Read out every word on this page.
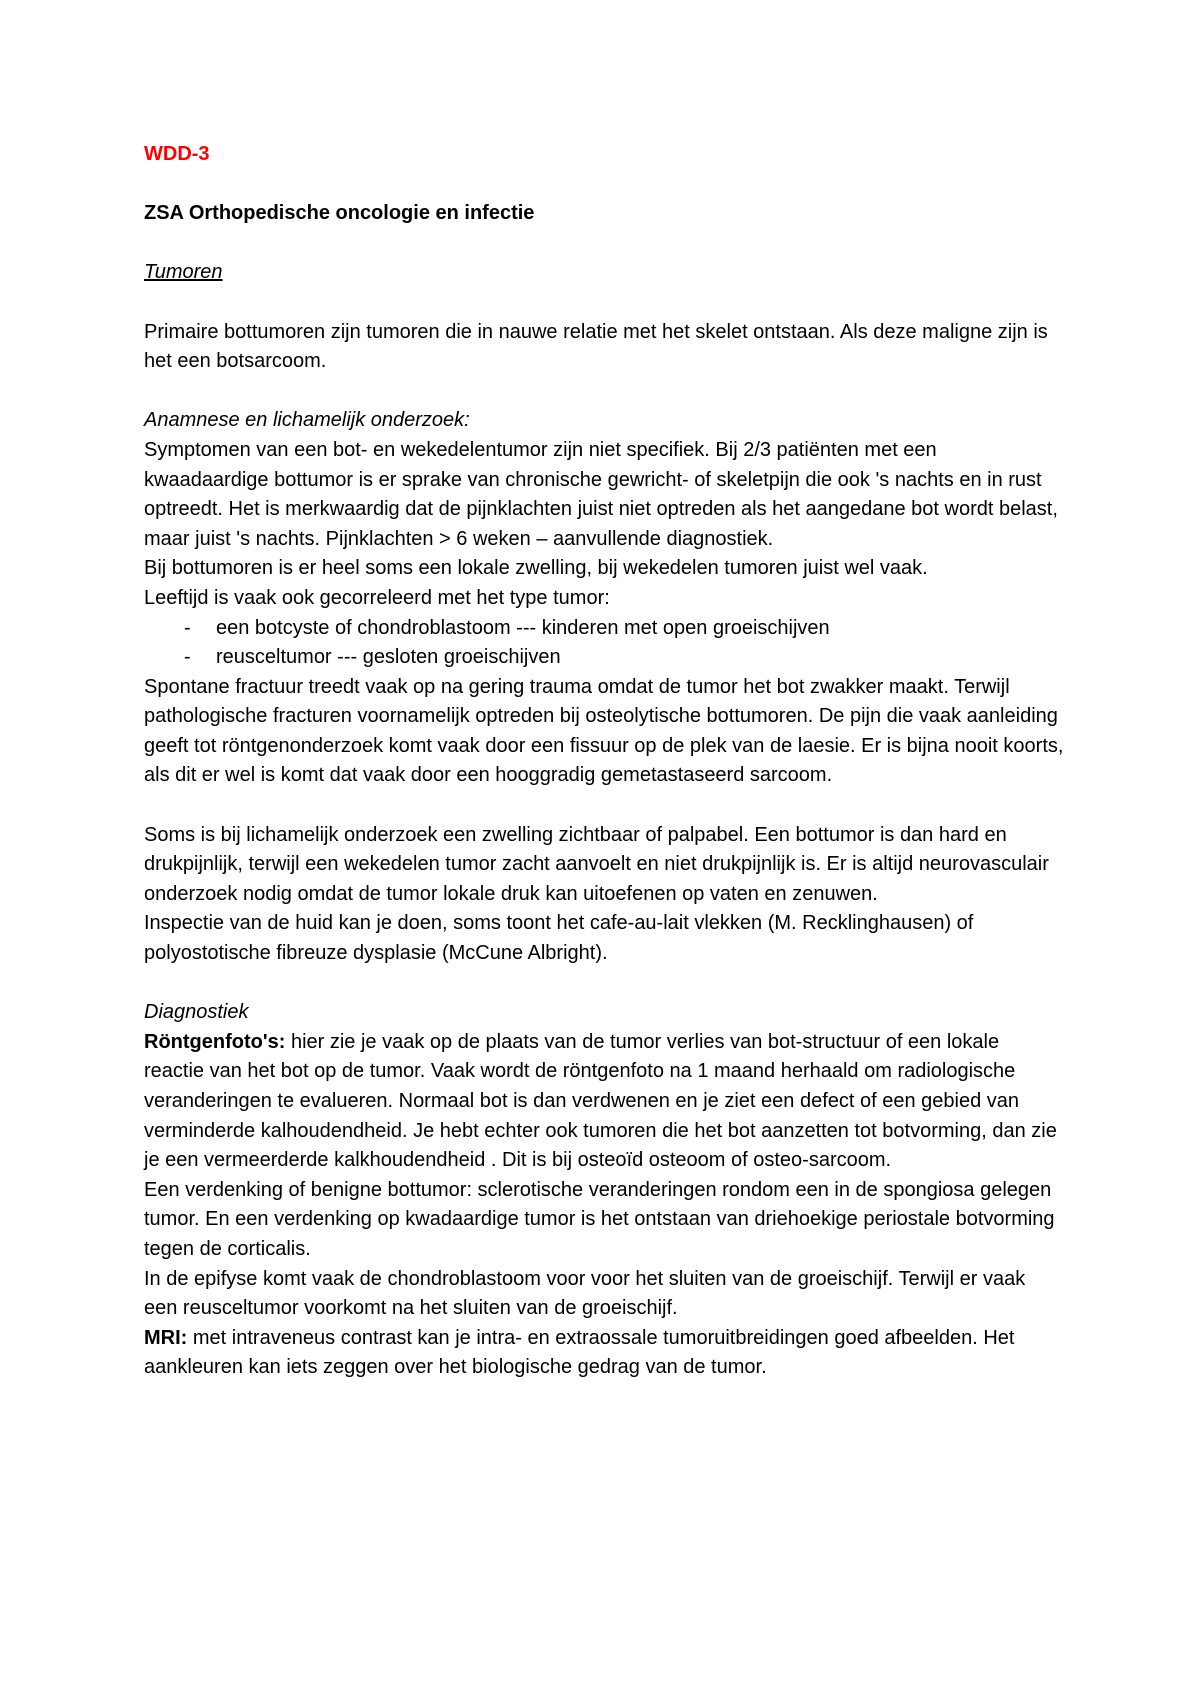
WDD-3

ZSA Orthopedische oncologie en infectie

Tumoren

Primaire bottumoren zijn tumoren die in nauwe relatie met het skelet ontstaan. Als deze maligne zijn is het een botsarcoom.

Anamnese en lichamelijk onderzoek:

Symptomen van een bot- en wekedelentumor zijn niet specifiek. Bij 2/3 patiënten met een kwaadaardige bottumor is er sprake van chronische gewricht- of skeletpijn die ook 's nachts en in rust optreedt. Het is merkwaardig dat de pijnklachten juist niet optreden als het aangedane bot wordt belast, maar juist 's nachts. Pijnklachten > 6 weken – aanvullende diagnostiek.

Bij bottumoren is er heel soms een lokale zwelling, bij wekedelen tumoren juist wel vaak.

Leeftijd is vaak ook gecorreleerd met het type tumor:

- een botcyste of chondroblastoom --- kinderen met open groeischijven
- reusceltumor --- gesloten groeischijven

Spontane fractuur treedt vaak op na gering trauma omdat de tumor het bot zwakker maakt. Terwijl pathologische fracturen voornamelijk optreden bij osteolytische bottumoren. De pijn die vaak aanleiding geeft tot röntgenonderzoek komt vaak door een fissuur op de plek van de laesie. Er is bijna nooit koorts, als dit er wel is komt dat vaak door een hooggradig gemetastaseerd sarcoom.

Soms is bij lichamelijk onderzoek een zwelling zichtbaar of palpabel. Een bottumor is dan hard en drukpijnlijk, terwijl een wekedelen tumor zacht aanvoelt en niet drukpijnlijk is. Er is altijd neurovasculair onderzoek nodig omdat de tumor lokale druk kan uitoefenen op vaten en zenuwen.

Inspectie van de huid kan je doen, soms toont het cafe-au-lait vlekken (M. Recklinghausen) of polyostotische fibreuze dysplasie (McCune Albright).

Diagnostiek

Röntgenfoto's: hier zie je vaak op de plaats van de tumor verlies van bot-structuur of een lokale reactie van het bot op de tumor. Vaak wordt de röntgenfoto na 1 maand herhaald om radiologische veranderingen te evalueren. Normaal bot is dan verdwenen en je ziet een defect of een gebied van verminderde kalhoudendheid. Je hebt echter ook tumoren die het bot aanzetten tot botvorming, dan zie je een vermeerderde kalkhoudendheid . Dit is bij osteoïd osteoom of osteo-sarcoom.

Een verdenking of benigne bottumor: sclerotische veranderingen rondom een in de spongiosa gelegen tumor. En een verdenking op kwadaardige tumor is het ontstaan van driehoekige periostale botvorming tegen de corticalis.

In de epifyse komt vaak de chondroblastoom voor voor het sluiten van de groeischijf. Terwijl er vaak een reusceltumor voorkomt na het sluiten van de groeischijf.

MRI: met intraveneus contrast kan je intra- en extraossale tumoruitbreidingen goed afbeelden. Het aankleuren kan iets zeggen over het biologische gedrag van de tumor.
